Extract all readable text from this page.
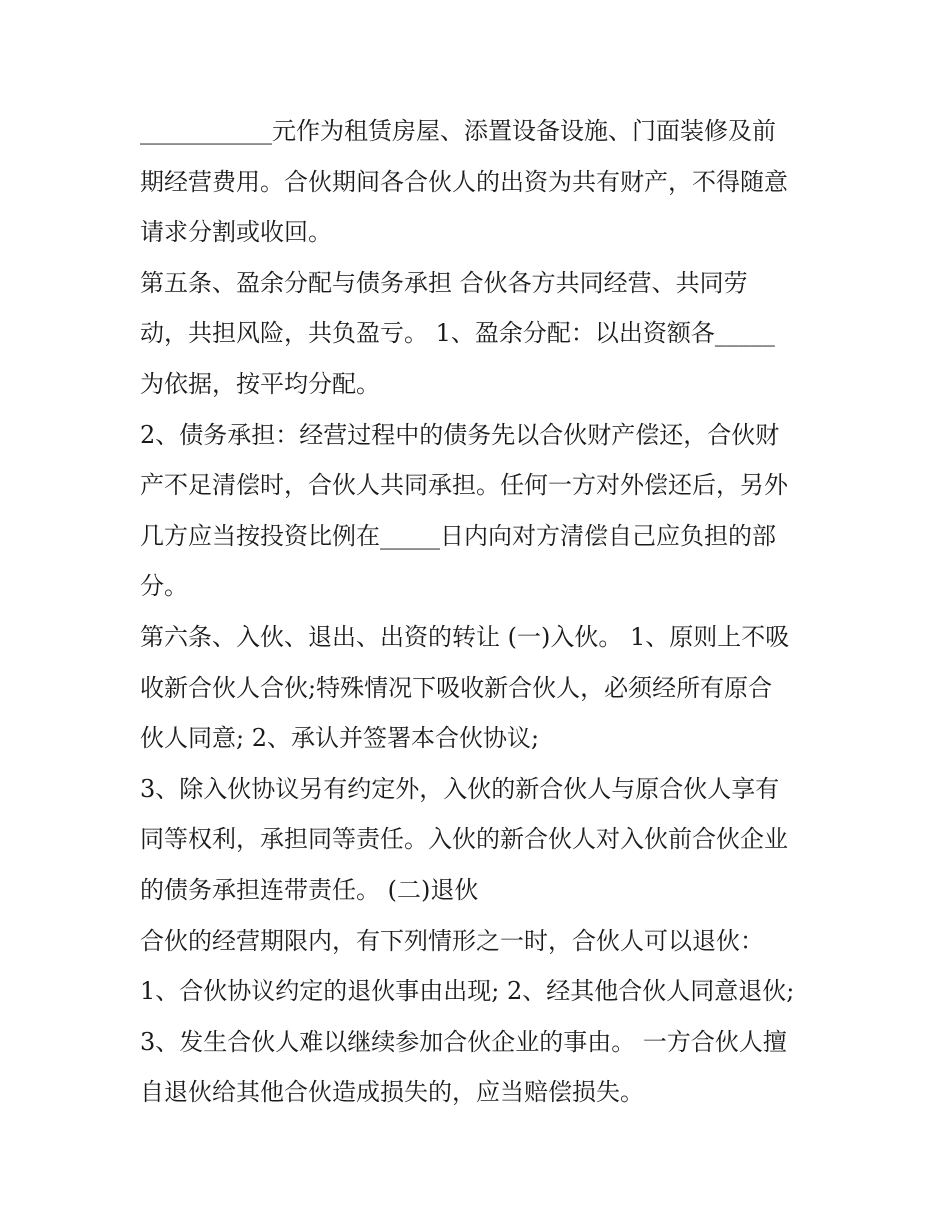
___________元作为租赁房屋、添置设备设施、门面装修及前
期经营费用。合伙期间各合伙人的出资为共有财产，不得随意
请求分割或收回。
第五条、盈余分配与债务承担 合伙各方共同经营、共同劳
动，共担风险，共负盈亏。 1、盈余分配：以出资额各_____
为依据，按平均分配。
2、债务承担：经营过程中的债务先以合伙财产偿还，合伙财
产不足清偿时，合伙人共同承担。任何一方对外偿还后，另外
几方应当按投资比例在_____日内向对方清偿自己应负担的部
分。
第六条、入伙、退出、出资的转让 (一)入伙。 1、原则上不吸
收新合伙人合伙;特殊情况下吸收新合伙人，必须经所有原合
伙人同意; 2、承认并签署本合伙协议;
3、除入伙协议另有约定外，入伙的新合伙人与原合伙人享有
同等权利，承担同等责任。入伙的新合伙人对入伙前合伙企业
的债务承担连带责任。 (二)退伙
合伙的经营期限内，有下列情形之一时，合伙人可以退伙：
1、合伙协议约定的退伙事由出现; 2、经其他合伙人同意退伙;
3、发生合伙人难以继续参加合伙企业的事由。 一方合伙人擅
自退伙给其他合伙造成损失的，应当赔偿损失。
